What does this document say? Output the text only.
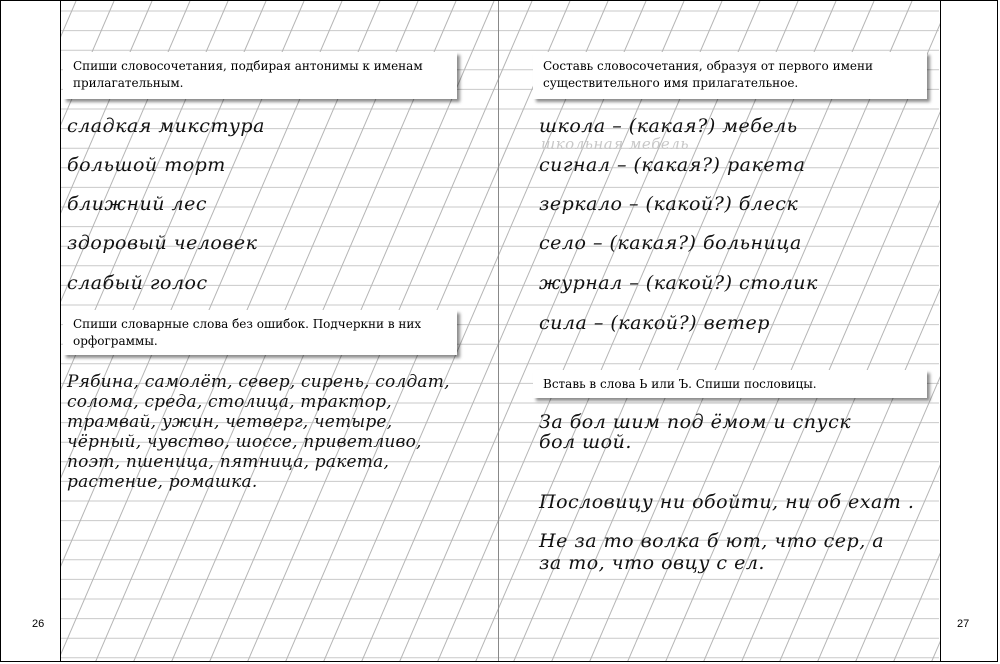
26	27
Спиши словосочетания, подбирая антонимы к именам прилагательным.
сладкая микстура
большой торт
ближний лес
здоровый человек
слабый голос
Спиши словарные слова без ошибок. Подчеркни в них орфограммы.
Рябина, самолёт, север, сирень, солдат,
солома, среда, столица, трактор,
трамвай, ужин, четверг, четыре,
чёрный, чувство, шоссе, приветливо,
поэт, пшеница, пятница, ракета,
растение, ромашка.
Составь словосочетания, образуя от первого имени существительного имя прилагательное.
школа – (какая?) мебель
школьная мебель
сигнал – (какая?) ракета
зеркало – (какой?) блеск
село – (какая?) больница
журнал – (какой?) столик
сила – (какой?) ветер
Вставь в слова Ь или Ъ. Спиши пословицы.
За бол шим под ёмом и спуск
бол шой.
Пословицу ни обойти, ни об ехат .
Не за то волка б ют, что сер, а
за то, что овцу с ел.
